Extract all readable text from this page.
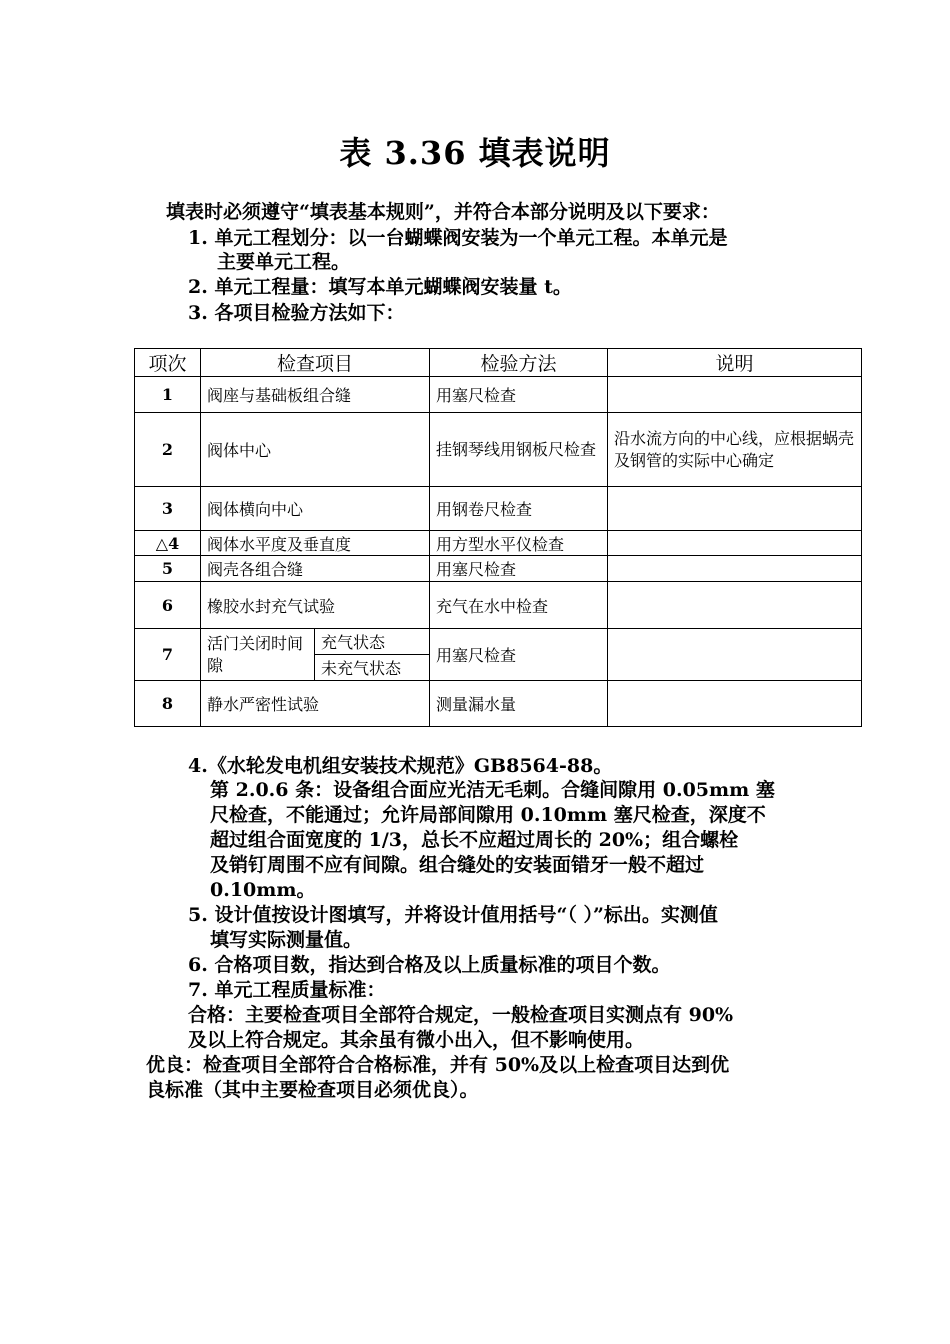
表 3.36 填表说明
填表时必须遵守“填表基本规则”，并符合本部分说明及以下要求：
1. 单元工程划分：以一台蝴蝶阀安装为一个单元工程。本单元是
主要单元工程。
2. 单元工程量：填写本单元蝴蝶阀安装量 t。
3. 各项目检验方法如下：
项次	检查项目		检验方法	说明
1	阀座与基础板组合缝		用塞尺检查	
2	阀体中心		挂钢琴线用钢板尺检查	沿水流方向的中心线，应根据蜗壳及钢管的实际中心确定
3	阀体横向中心		用钢卷尺检查	
△4	阀体水平度及垂直度		用方型水平仪检查	
5	阀壳各组合缝		用塞尺检查	
6	橡胶水封充气试验		充气在水中检查	
7	活门关闭时间隙	充气状态	用塞尺检查	
		未充气状态		
8	静水严密性试验		测量漏水量	
4.《水轮发电机组安装技术规范》GB8564-88。
第 2.0.6 条：设备组合面应光洁无毛刺。合缝间隙用 0.05mm 塞
尺检查，不能通过；允许局部间隙用 0.10mm 塞尺检查，深度不
超过组合面宽度的 1/3，总长不应超过周长的 20%；组合螺栓
及销钉周围不应有间隙。组合缝处的安装面错牙一般不超过
0.10mm。
5. 设计值按设计图填写，并将设计值用括号“（ ）”标出。实测值
填写实际测量值。
6. 合格项目数，指达到合格及以上质量标准的项目个数。
7. 单元工程质量标准：
合格：主要检查项目全部符合规定，一般检查项目实测点有 90%
及以上符合规定。其余虽有微小出入，但不影响使用。
优良：检查项目全部符合合格标准，并有 50%及以上检查项目达到优
良标准（其中主要检查项目必须优良）。
